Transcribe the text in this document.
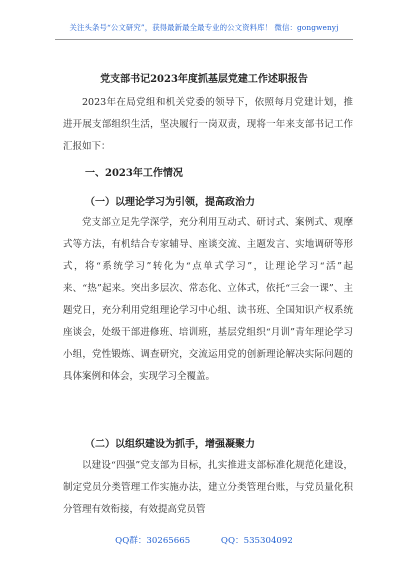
关注头条号“公文研究”，获得最新最全最专业的公文资料库！ 微信：gongwenyj
党支部书记2023年度抓基层党建工作述职报告
2023年在局党组和机关党委的领导下，依照每月党建计划，推进开展支部组织生活，坚决履行一岗双责，现将一年来支部书记工作汇报如下：
一、2023年工作情况
（一）以理论学习为引领，提高政治力
党支部立足先学深学，充分利用互动式、研讨式、案例式、观摩式等方法，有机结合专家辅导、座谈交流、主题发言、实地调研等形式，将“系统学习”转化为“点单式学习”，让理论学习“活”起来、“热”起来。突出多层次、常态化、立体式，依托“三会一课”、主题党日，充分利用党组理论学习中心组、读书班、全国知识产权系统座谈会，处级干部进修班、培训班，基层党组织“月训”青年理论学习小组，党性锻炼、调查研究，交流运用党的创新理论解决实际问题的具体案例和体会，实现学习全覆盖。
（二）以组织建设为抓手，增强凝聚力
以建设“四强”党支部为目标，扎实推进支部标准化规范化建设，制定党员分类管理工作实施办法，建立分类管理台账，与党员量化积分管理有效衔接，有效提高党员管
QQ群：30265665	QQ：535304092
